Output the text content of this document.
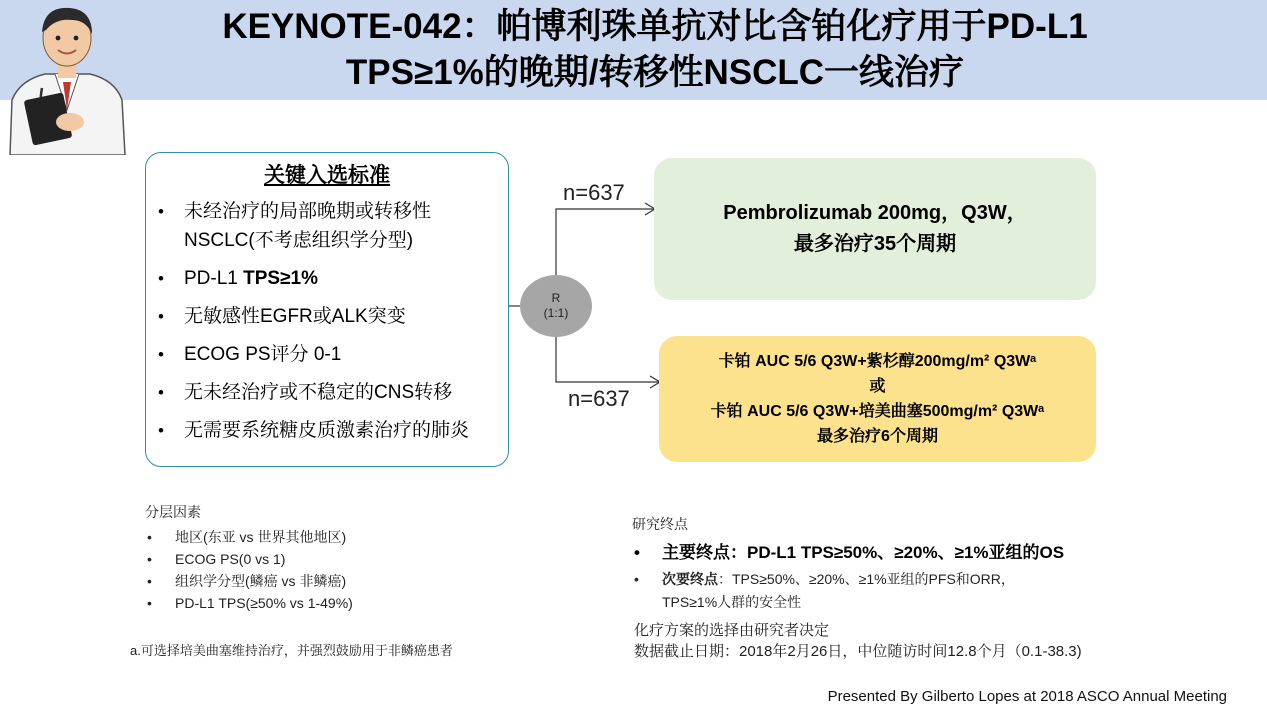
KEYNOTE-042：帕博利珠单抗对比含铂化疗用于PD-L1
TPS≥1%的晚期/转移性NSCLC一线治疗
关键入选标准
• 未经治疗的局部晚期或转移性NSCLC(不考虑组织学分型)
• PD-L1 TPS≥1%
• 无敏感性EGFR或ALK突变
• ECOG PS评分 0-1
• 无未经治疗或不稳定的CNS转移
• 无需要系统糖皮质激素治疗的肺炎
R
(1:1)
n=637
n=637
Pembrolizumab 200mg，Q3W，
最多治疗35个周期
卡铂 AUC 5/6 Q3W+紫杉醇200mg/m² Q3Wᵃ
或
卡铂 AUC 5/6 Q3W+培美曲塞500mg/m² Q3Wᵃ
最多治疗6个周期
分层因素
• 地区(东亚 vs 世界其他地区)
• ECOG PS(0 vs 1)
• 组织学分型(鳞癌 vs 非鳞癌)
• PD-L1 TPS(≥50% vs 1-49%)
a.可选择培美曲塞维持治疗，并强烈鼓励用于非鳞癌患者
研究终点
• 主要终点：PD-L1 TPS≥50%、≥20%、≥1%亚组的OS
• 次要终点：TPS≥50%、≥20%、≥1%亚组的PFS和ORR，
TPS≥1%人群的安全性
化疗方案的选择由研究者决定
数据截止日期：2018年2月26日，中位随访时间12.8个月（0.1-38.3)
Presented By Gilberto Lopes at 2018 ASCO Annual Meeting
